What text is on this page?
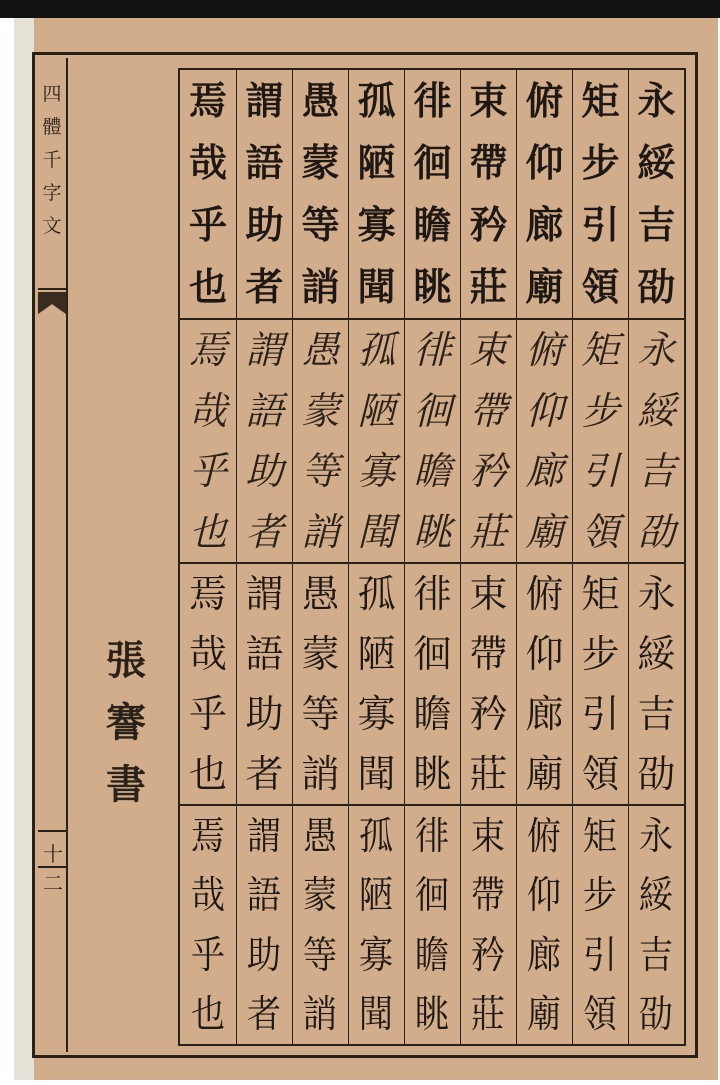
四
體
千
字
文
十二
張
謇
書
永
綏
吉
劭
矩
步
引
領
俯
仰
廊
廟
束
帶
矜
莊
徘
徊
瞻
眺
孤
陋
寡
聞
愚
蒙
等
誚
謂
語
助
者
焉
哉
乎
也
永
綏
吉
劭
矩
步
引
領
俯
仰
廊
廟
束
帶
矜
莊
徘
徊
瞻
眺
孤
陋
寡
聞
愚
蒙
等
誚
謂
語
助
者
焉
哉
乎
也
永
綏
吉
劭
矩
步
引
領
俯
仰
廊
廟
束
帶
矜
莊
徘
徊
瞻
眺
孤
陋
寡
聞
愚
蒙
等
誚
謂
語
助
者
焉
哉
乎
也
永
綏
吉
劭
矩
步
引
領
俯
仰
廊
廟
束
帶
矜
莊
徘
徊
瞻
眺
孤
陋
寡
聞
愚
蒙
等
誚
謂
語
助
者
焉
哉
乎
也
